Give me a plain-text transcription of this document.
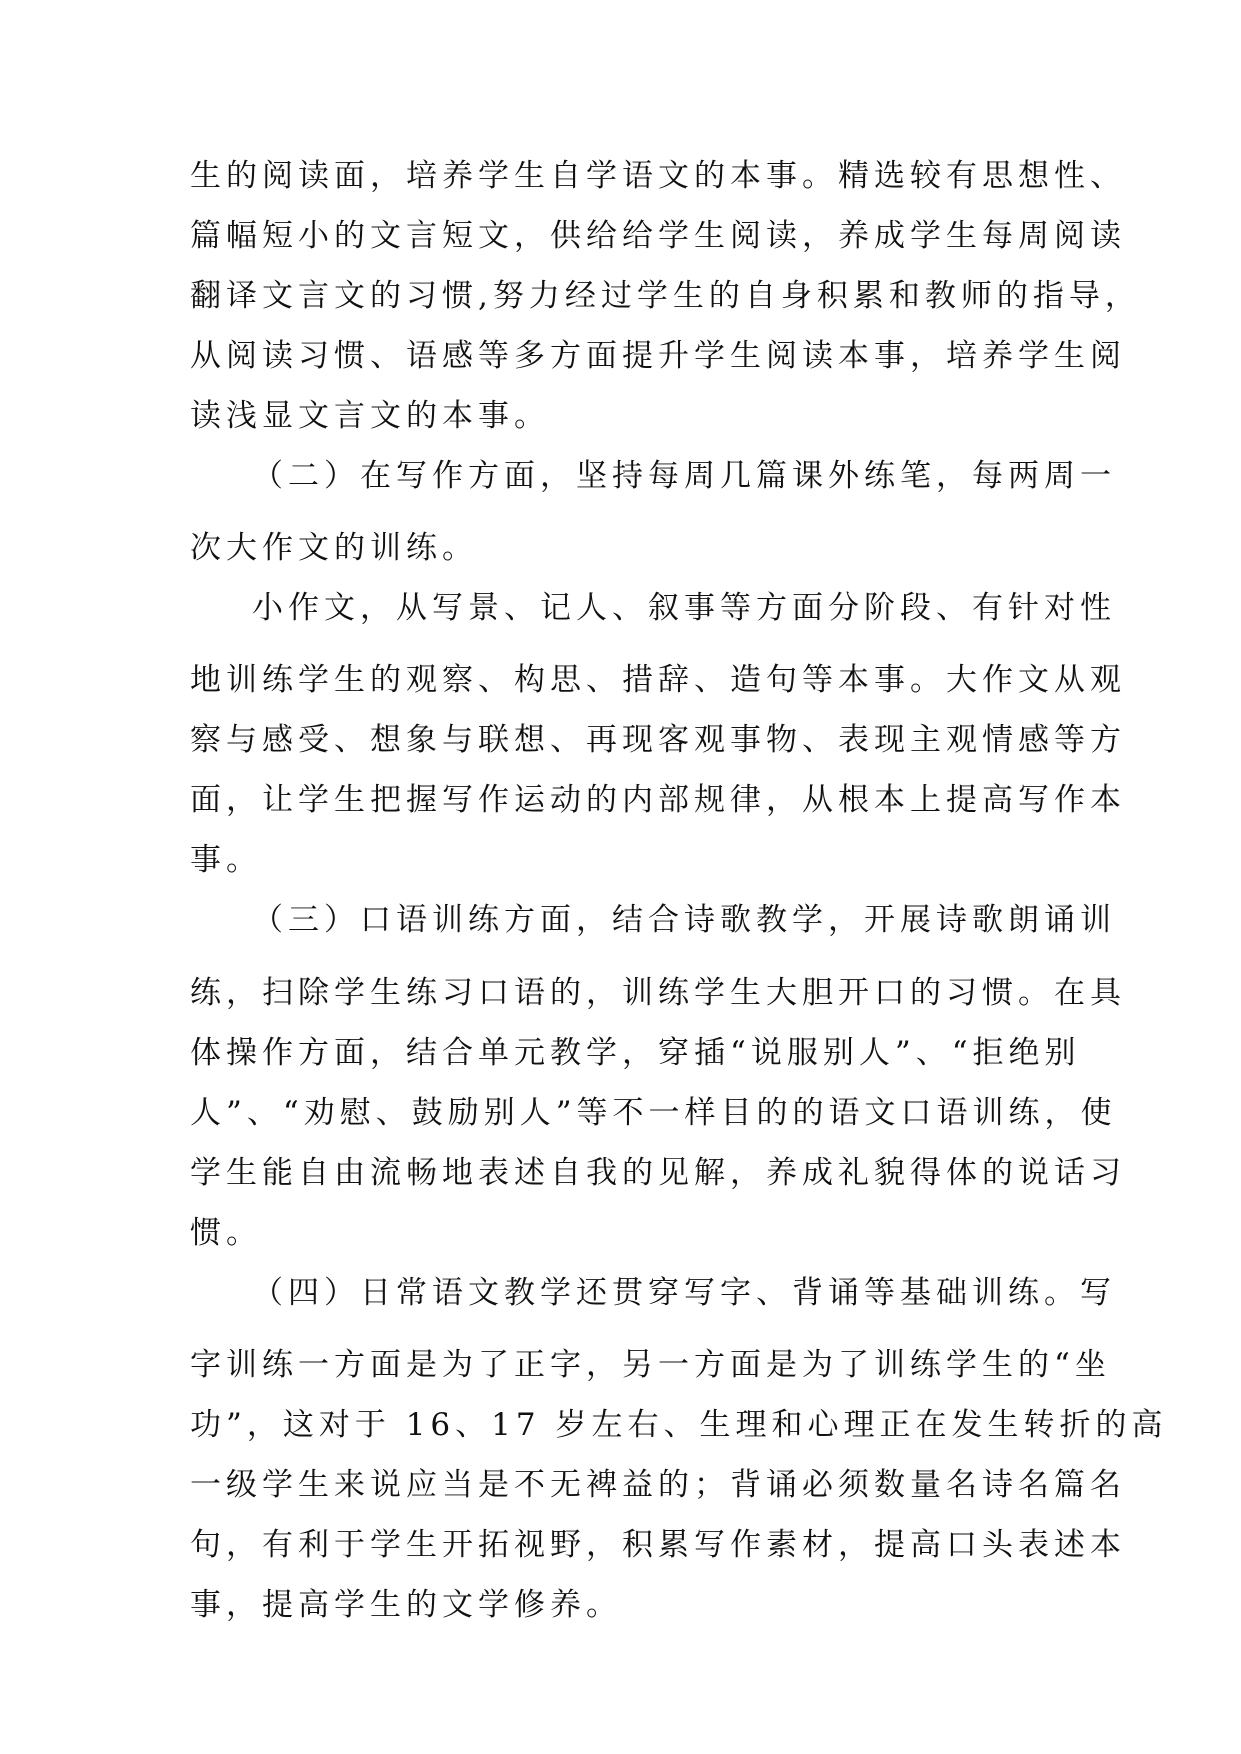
生的阅读面，培养学生自学语文的本事。精选较有思想性、
篇幅短小的文言短文，供给给学生阅读，养成学生每周阅读
翻译文言文的习惯,努力经过学生的自身积累和教师的指导，
从阅读习惯、语感等多方面提升学生阅读本事，培养学生阅
读浅显文言文的本事。
（二）在写作方面，坚持每周几篇课外练笔，每两周一
次大作文的训练。
小作文，从写景、记人、叙事等方面分阶段、有针对性
地训练学生的观察、构思、措辞、造句等本事。大作文从观
察与感受、想象与联想、再现客观事物、表现主观情感等方
面，让学生把握写作运动的内部规律，从根本上提高写作本
事。
（三）口语训练方面，结合诗歌教学，开展诗歌朗诵训
练，扫除学生练习口语的，训练学生大胆开口的习惯。在具
体操作方面，结合单元教学，穿插“说服别人”、“拒绝别
人”、“劝慰、鼓励别人”等不一样目的的语文口语训练，使
学生能自由流畅地表述自我的见解，养成礼貌得体的说话习
惯。
（四）日常语文教学还贯穿写字、背诵等基础训练。写
字训练一方面是为了正字，另一方面是为了训练学生的“坐
功”，这对于 16、17 岁左右、生理和心理正在发生转折的高
一级学生来说应当是不无裨益的；背诵必须数量名诗名篇名
句，有利于学生开拓视野，积累写作素材，提高口头表述本
事，提高学生的文学修养。
